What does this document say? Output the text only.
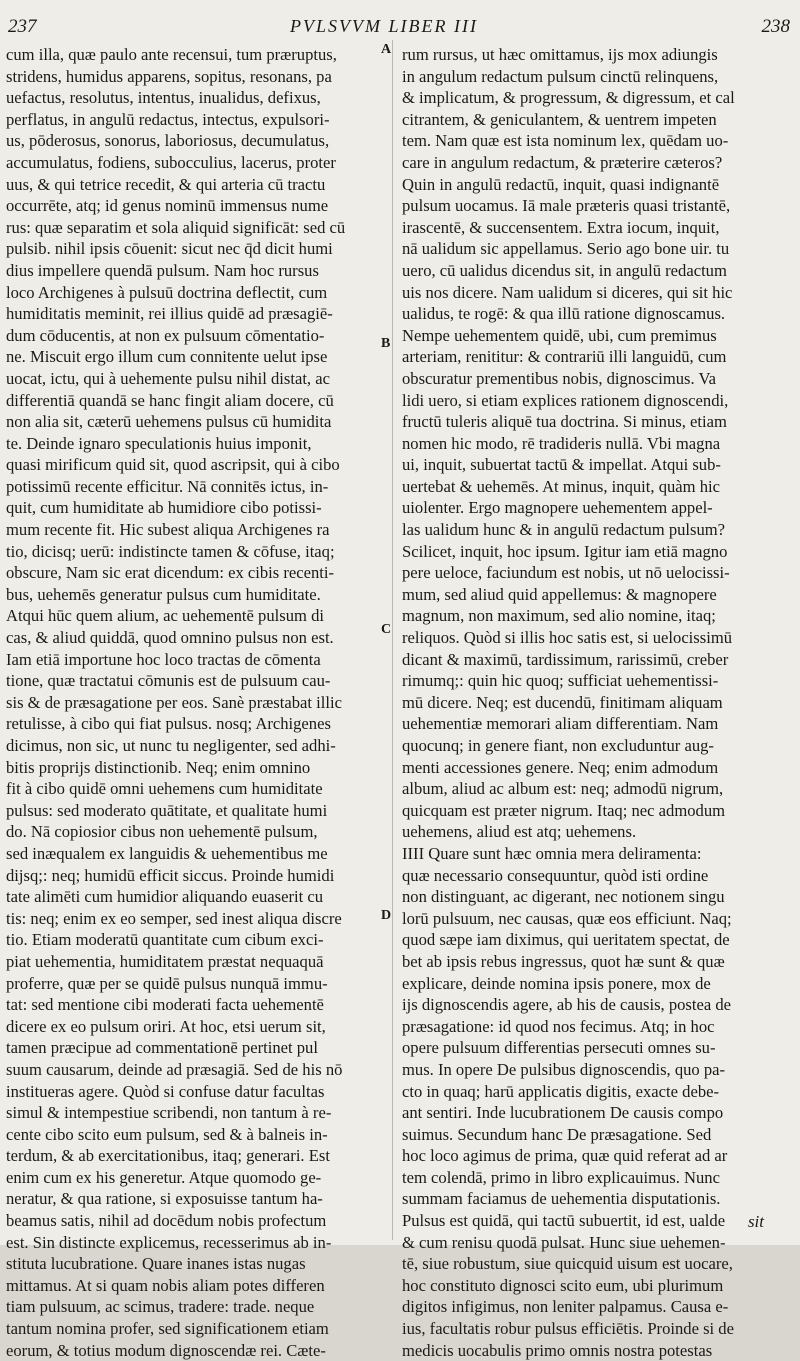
237	PVLSVVM LIBER III	238
A
B
C
D
cum illa, quæ paulo ante recensui, tum præruptus,
stridens, humidus apparens, sopitus, resonans, pa
uefactus, resolutus, intentus, inualidus, defixus,
perflatus, in angulū redactus, intectus, expulsori-
us, pōderosus, sonorus, laboriosus, decumulatus,
accumulatus, fodiens, subocculius, lacerus, proter
uus, & qui tetrice recedit, & qui arteria cū tractu
occurrēte, atq; id genus nominū immensus nume
rus: quæ separatim et sola aliquid significāt: sed cū
pulsib. nihil ipsis cōuenit: sicut nec q̄d dicit humi
dius impellere quendā pulsum. Nam hoc rursus
loco Archigenes à pulsuū doctrina deflectit, cum
humiditatis meminit, rei illius quidē ad præsagiē-
dum cōducentis, at non ex pulsuum cōmentatio-
ne. Miscuit ergo illum cum connitente uelut ipse
uocat, ictu, qui à uehemente pulsu nihil distat, ac
differentiā quandā se hanc fingit aliam docere, cū
non alia sit, cæterū uehemens pulsus cū humidita
te. Deinde ignaro speculationis huius imponit,
quasi mirificum quid sit, quod ascripsit, qui à cibo
potissimū recente efficitur. Nā connitēs ictus, in-
quit, cum humiditate ab humidiore cibo potissi-
mum recente fit. Hic subest aliqua Archigenes ra
tio, dicisq; uerū: indistincte tamen & cōfuse, itaq;
obscure, Nam sic erat dicendum: ex cibis recenti-
bus, uehemēs generatur pulsus cum humiditate.
Atqui hūc quem alium, ac uehementē pulsum di
cas, & aliud quiddā, quod omnino pulsus non est.
Iam etiā importune hoc loco tractas de cōmenta
tione, quæ tractatui cōmunis est de pulsuum cau-
sis & de præsagatione per eos. Sanè præstabat illic
retulisse, à cibo qui fiat pulsus. nosq; Archigenes
dicimus, non sic, ut nunc tu negligenter, sed adhi-
bitis proprijs distinctionib. Neq; enim omnino
fit à cibo quidē omni uehemens cum humiditate
pulsus: sed moderato quātitate, et qualitate humi
do. Nā copiosior cibus non uehementē pulsum,
sed inæqualem ex languidis & uehementibus me
dijsq;: neq; humidū efficit siccus. Proinde humidi
tate alimēti cum humidior aliquando euaserit cu
tis: neq; enim ex eo semper, sed inest aliqua discre
tio. Etiam moderatū quantitate cum cibum exci-
piat uehementia, humiditatem præstat nequaquā
proferre, quæ per se quidē pulsus nunquā immu-
tat: sed mentione cibi moderati facta uehementē
dicere ex eo pulsum oriri. At hoc, etsi uerum sit,
tamen præcipue ad commentationē pertinet pul
suum causarum, deinde ad præsagiā. Sed de his nō
institueras agere. Quòd si confuse datur facultas
simul & intempestiue scribendi, non tantum à re-
cente cibo scito eum pulsum, sed & à balneis in-
terdum, & ab exercitationibus, itaq; generari. Est
enim cum ex his generetur. Atque quomodo ge-
neratur, & qua ratione, si exposuisse tantum ha-
beamus satis, nihil ad docēdum nobis profectum
est. Sin distincte explicemus, recesserimus ab in-
stituta lucubratione. Quare inanes istas nugas
mittamus. At si quam nobis aliam potes differen
tiam pulsuum, ac scimus, tradere: trade. neque
tantum nomina profer, sed significationem etiam
eorum, & totius modum dignoscendæ rei. Cæte-
rum rursus, ut hæc omittamus, ijs mox adiungis
in angulum redactum pulsum cinctū relinquens,
& implicatum, & progressum, & digressum, et cal
citrantem, & geniculantem, & uentrem impeten
tem. Nam quæ est ista nominum lex, quēdam uo-
care in angulum redactum, & præterire cæteros?
Quin in angulū redactū, inquit, quasi indignantē
pulsum uocamus. Iā male præteris quasi tristantē,
irascentē, & succensentem. Extra iocum, inquit,
nā ualidum sic appellamus. Serio ago bone uir. tu
uero, cū ualidus dicendus sit, in angulū redactum
uis nos dicere. Nam ualidum si diceres, qui sit hic
ualidus, te rogē: & qua illū ratione dignoscamus.
Nempe uehementem quidē, ubi, cum premimus
arteriam, renititur: & contrariū illi languidū, cum
obscuratur prementibus nobis, dignoscimus. Va
lidi uero, si etiam explices rationem dignoscendi,
fructū tuleris aliquē tua doctrina. Si minus, etiam
nomen hic modo, rē tradideris nullā. Vbi magna
ui, inquit, subuertat tactū & impellat. Atqui sub-
uertebat & uehemēs. At minus, inquit, quàm hic
uiolenter. Ergo magnopere uehementem appel-
las ualidum hunc & in angulū redactum pulsum?
Scilicet, inquit, hoc ipsum. Igitur iam etiā magno
pere ueloce, faciundum est nobis, ut nō uelocissi-
mum, sed aliud quid appellemus: & magnopere
magnum, non maximum, sed alio nomine, itaq;
reliquos. Quòd si illis hoc satis est, si uelocissimū
dicant & maximū, tardissimum, rarissimū, creber
rimumq;: quin hic quoq; sufficiat uehementissi-
mū dicere. Neq; est ducendū, finitimam aliquam
uehementiæ memorari aliam differentiam. Nam
quocunq; in genere fiant, non excluduntur aug-
menti accessiones genere. Neq; enim admodum
album, aliud ac album est: neq; admodū nigrum,
quicquam est præter nigrum. Itaq; nec admodum
uehemens, aliud est atq; uehemens.
IIII Quare sunt hæc omnia mera deliramenta:
quæ necessario consequuntur, quòd isti ordine
non distinguant, ac digerant, nec notionem singu
lorū pulsuum, nec causas, quæ eos efficiunt. Naq;
quod sæpe iam diximus, qui ueritatem spectat, de
bet ab ipsis rebus ingressus, quot hæ sunt & quæ
explicare, deinde nomina ipsis ponere, mox de
ijs dignoscendis agere, ab his de causis, postea de
præsagatione: id quod nos fecimus. Atq; in hoc
opere pulsuum differentias persecuti omnes su-
mus. In opere De pulsibus dignoscendis, quo pa-
cto in quaq; harū applicatis digitis, exacte debe-
ant sentiri. Inde lucubrationem De causis compo
suimus. Secundum hanc De præsagatione. Sed
hoc loco agimus de prima, quæ quid referat ad ar
tem colendā, primo in libro explicauimus. Nunc
summam faciamus de uehementia disputationis.
Pulsus est quidā, qui tactū subuertit, id est, ualde
& cum renisu quodā pulsat. Hunc siue uehemen-
tē, siue robustum, siue quicquid uisum est uocare,
hoc constituto dignosci scito eum, ubi plurimum
digitos infigimus, non leniter palpamus. Causa e-
ius, facultatis robur pulsus efficiētis. Proinde si de
medicis uocabulis primo omnis nostra potestas
sit
